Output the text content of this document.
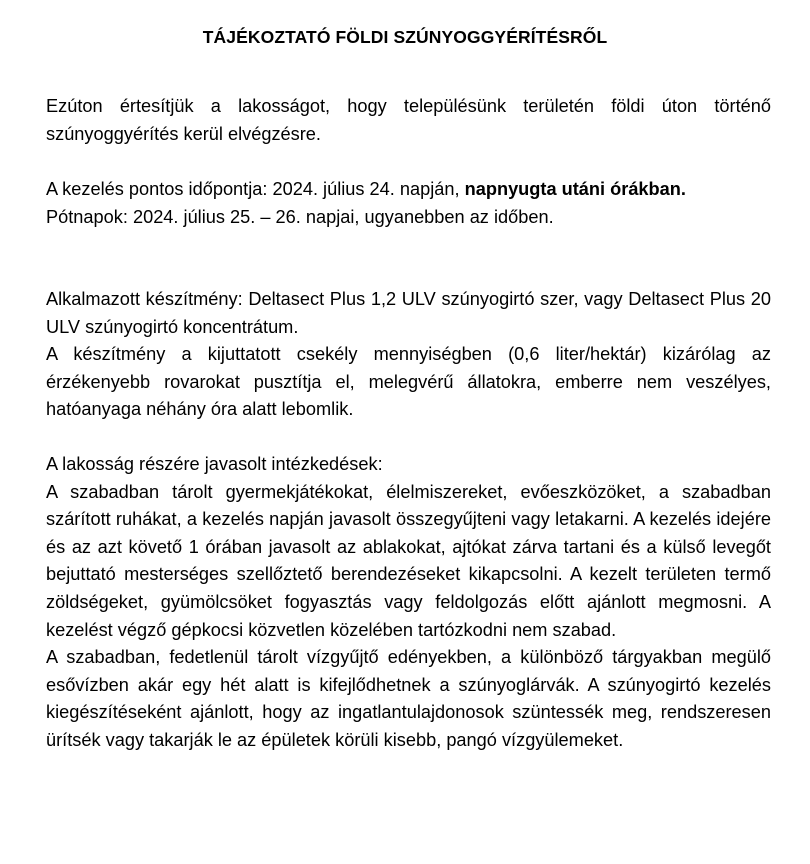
TÁJÉKOZTATÓ FÖLDI SZÚNYOGGYÉRÍTÉSRŐL

Ezúton értesítjük a lakosságot, hogy településünk területén földi úton történő szúnyoggyérítés kerül elvégzésre.

A kezelés pontos időpontja: 2024. július 24. napján, napnyugta utáni órákban.

Pótnapok: 2024. július 25. – 26. napjai, ugyanebben az időben.

Alkalmazott készítmény: Deltasect Plus 1,2 ULV szúnyogirtó szer, vagy Deltasect Plus 20 ULV szúnyogirtó koncentrátum.

A készítmény a kijuttatott csekély mennyiségben (0,6 liter/hektár) kizárólag az érzékenyebb rovarokat pusztítja el, melegvérű állatokra, emberre nem veszélyes, hatóanyaga néhány óra alatt lebomlik.

A lakosság részére javasolt intézkedések:

A szabadban tárolt gyermekjátékokat, élelmiszereket, evőeszközöket, a szabadban szárított ruhákat, a kezelés napján javasolt összegyűjteni vagy letakarni. A kezelés idejére és az azt követő 1 órában javasolt az ablakokat, ajtókat zárva tartani és a külső levegőt bejuttató mesterséges szellőztető berendezéseket kikapcsolni. A kezelt területen termő zöldségeket, gyümölcsöket fogyasztás vagy feldolgozás előtt ajánlott megmosni. A kezelést végző gépkocsi közvetlen közelében tartózkodni nem szabad.

A szabadban, fedetlenül tárolt vízgyűjtő edényekben, a különböző tárgyakban megülő esővízben akár egy hét alatt is kifejlődhetnek a szúnyoglárvák. A szúnyogirtó kezelés kiegészítéseként ajánlott, hogy az ingatlantulajdonosok szüntessék meg, rendszeresen ürítsék vagy takarják le az épületek körüli kisebb, pangó vízgyülemeket.
